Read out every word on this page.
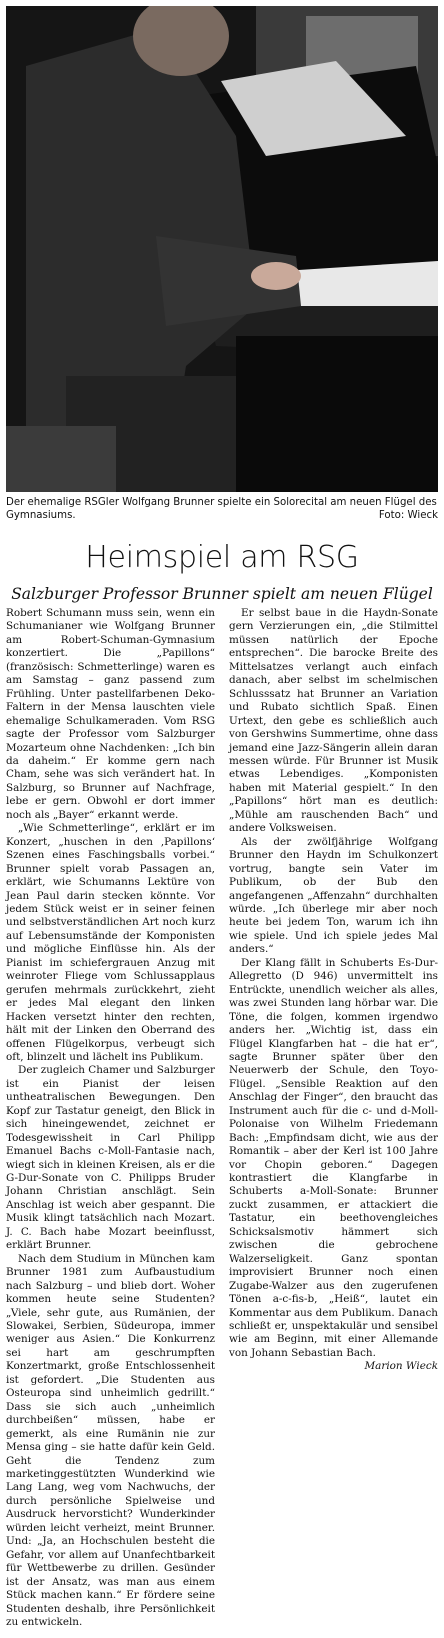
Der ehemalige RSGler Wolfgang Brunner spielte ein Solorecital am neuen Flügel des Gymnasiums.	Foto: Wieck
Heimspiel am RSG
Salzburger Professor Brunner spielt am neuen Flügel

Robert Schumann muss sein, wenn ein Schumanianer wie Wolfgang Brunner am Robert-Schuman-Gymnasium konzertiert. Die „Papillons“ (französisch: Schmetterlinge) waren es am Samstag – ganz passend zum Frühling. Unter pastellfarbenen Deko-Faltern in der Mensa lauschten viele ehemalige Schulkameraden. Vom RSG sagte der Professor vom Salzburger Mozarteum ohne Nachdenken: „Ich bin da daheim.“ Er komme gern nach Cham, sehe was sich verändert hat. In Salzburg, so Brunner auf Nachfrage, lebe er gern. Obwohl er dort immer noch als „Bayer“ erkannt werde.

„Wie Schmetterlinge“, erklärt er im Konzert, „huschen in den ‚Papillons‘ Szenen eines Faschingsballs vorbei.“ Brunner spielt vorab Passagen an, erklärt, wie Schumanns Lektüre von Jean Paul darin stecken könnte. Vor jedem Stück weist er in seiner feinen und selbstverständlichen Art noch kurz auf Lebensumstände der Komponisten und mögliche Einflüsse hin. Als der Pianist im schiefergrauen Anzug mit weinroter Fliege vom Schlussapplaus gerufen mehrmals zurückkehrt, zieht er jedes Mal elegant den linken Hacken versetzt hinter den rechten, hält mit der Linken den Oberrand des offenen Flügelkorpus, verbeugt sich oft, blinzelt und lächelt ins Publikum.

Der zugleich Chamer und Salzburger ist ein Pianist der leisen untheatralischen Bewegungen. Den Kopf zur Tastatur geneigt, den Blick in sich hineingewendet, zeichnet er Todesgewissheit in Carl Philipp Emanuel Bachs c-Moll-Fantasie nach, wiegt sich in kleinen Kreisen, als er die G-Dur-Sonate von C. Philipps Bruder Johann Christian anschlägt. Sein Anschlag ist weich aber gespannt. Die Musik klingt tatsächlich nach Mozart. J. C. Bach habe Mozart beeinflusst, erklärt Brunner.

Nach dem Studium in München kam Brunner 1981 zum Aufbaustudium nach Salzburg – und blieb dort. Woher kommen heute seine Studenten? „Viele, sehr gute, aus Rumänien, der Slowakei, Serbien, Südeuropa, immer weniger aus Asien.“ Die Konkurrenz sei hart am geschrumpften Konzertmarkt, große Entschlossenheit ist gefordert. „Die Studenten aus Osteuropa sind unheimlich gedrillt.“ Dass sie sich auch „unheimlich durchbeißen“ müssen, habe er gemerkt, als eine Rumänin nie zur Mensa ging – sie hatte dafür kein Geld. Geht die Tendenz zum marketinggestützten Wunderkind wie Lang Lang, weg vom Nachwuchs, der durch persönliche Spielweise und Ausdruck hervorsticht? Wunderkinder würden leicht verheizt, meint Brunner. Und: „Ja, an Hochschulen besteht die Gefahr, vor allem auf Unanfechtbarkeit für Wettbewerbe zu drillen. Gesünder ist der Ansatz, was man aus einem Stück machen kann.“ Er fördere seine Studenten deshalb, ihre Persönlichkeit zu entwickeln.

Er selbst baue in die Haydn-Sonate gern Verzierungen ein, „die Stilmittel müssen natürlich der Epoche entsprechen“. Die barocke Breite des Mittelsatzes verlangt auch einfach danach, aber selbst im schelmischen Schlusssatz hat Brunner an Variation und Rubato sichtlich Spaß. Einen Urtext, den gebe es schließlich auch von Gershwins Summertime, ohne dass jemand eine Jazz-Sängerin allein daran messen würde. Für Brunner ist Musik etwas Lebendiges. „Komponisten haben mit Material gespielt.“ In den „Papillons“ hört man es deutlich: „Mühle am rauschenden Bach“ und andere Volksweisen.

Als der zwölfjährige Wolfgang Brunner den Haydn im Schulkonzert vortrug, bangte sein Vater im Publikum, ob der Bub den angefangenen „Affenzahn“ durchhalten würde. „Ich überlege mir aber noch heute bei jedem Ton, warum ich ihn wie spiele. Und ich spiele jedes Mal anders.“

Der Klang fällt in Schuberts Es-Dur-Allegretto (D 946) unvermittelt ins Entrückte, unendlich weicher als alles, was zwei Stunden lang hörbar war. Die Töne, die folgen, kommen irgendwo anders her. „Wichtig ist, dass ein Flügel Klangfarben hat – die hat er“, sagte Brunner später über den Neuerwerb der Schule, den Toyo-Flügel. „Sensible Reaktion auf den Anschlag der Finger“, den braucht das Instrument auch für die c- und d-Moll-Polonaise von Wilhelm Friedemann Bach: „Empfindsam dicht, wie aus der Romantik – aber der Kerl ist 100 Jahre vor Chopin geboren.“ Dagegen kontrastiert die Klangfarbe in Schuberts a-Moll-Sonate: Brunner zuckt zusammen, er attackiert die Tastatur, ein beethovengleiches Schicksalsmotiv hämmert sich zwischen die gebrochene Walzerseligkeit. Ganz spontan improvisiert Brunner noch einen Zugabe-Walzer aus den zugerufenen Tönen a-c-fis-b, „Heiß“, lautet ein Kommentar aus dem Publikum. Danach schließt er, unspektakulär und sensibel wie am Beginn, mit einer Allemande von Johann Sebastian Bach.

Marion Wieck
